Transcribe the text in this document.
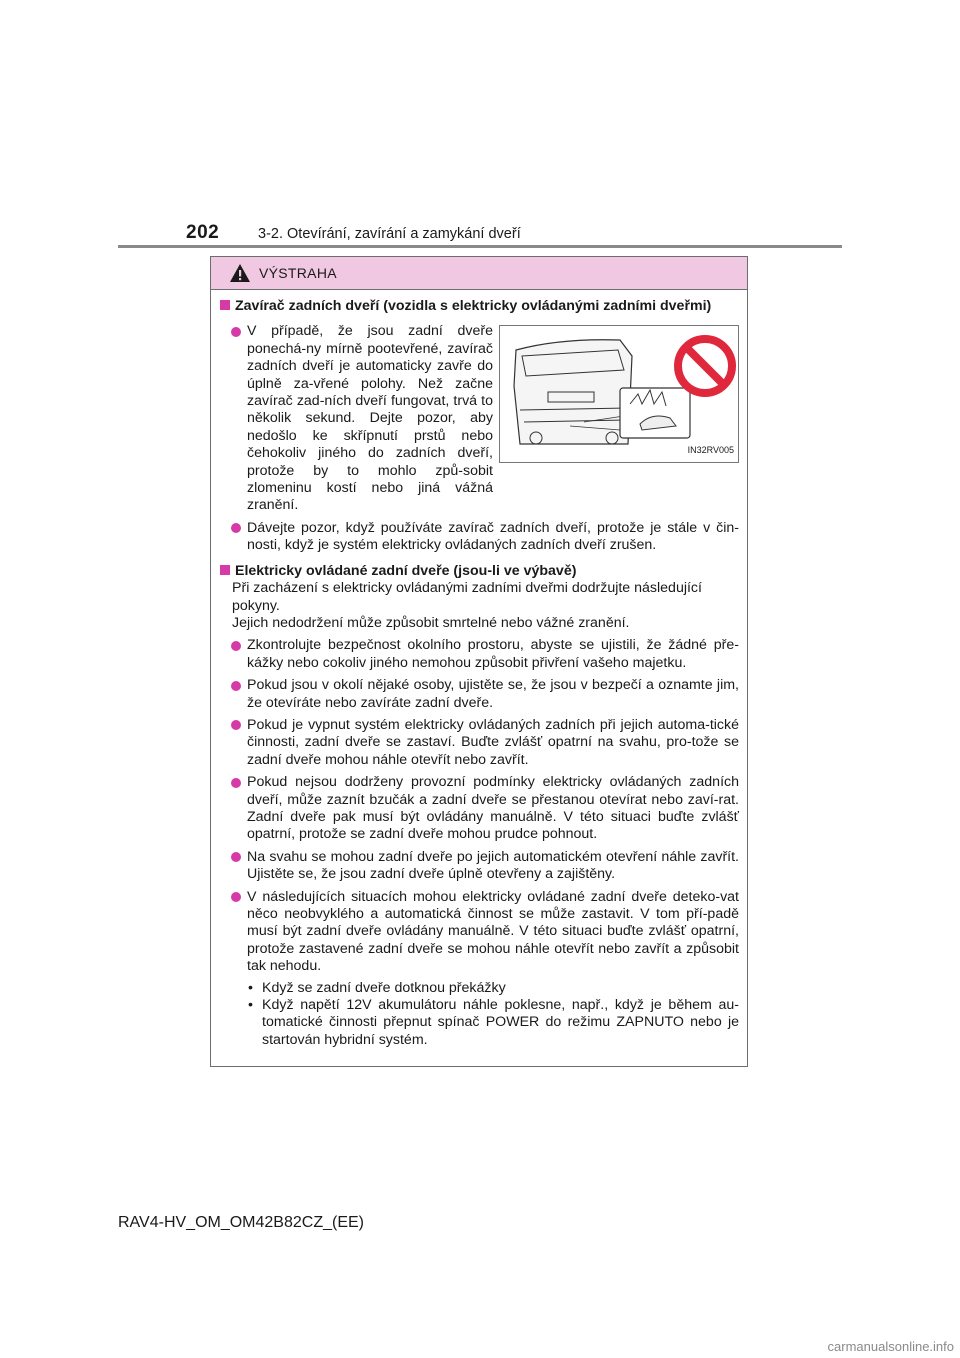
202	3-2. Otevírání, zavírání a zamykání dveří
VÝSTRAHA
Zavírač zadních dveří (vozidla s elektricky ovládanými zadními dveřmi)
V případě, že jsou zadní dveře ponechá-ny mírně pootevřené, zavírač zadních dveří je automaticky zavře do úplně za-vřené polohy. Než začne zavírač zad-ních dveří fungovat, trvá to několik sekund. Dejte pozor, aby nedošlo ke skřípnutí prstů nebo čehokoliv jiného do zadních dveří, protože by to mohlo způ-sobit zlomeninu kostí nebo jiná vážná zranění.
IN32RV005
Dávejte pozor, když používáte zavírač zadních dveří, protože je stále v čin-nosti, když je systém elektricky ovládaných zadních dveří zrušen.
Elektricky ovládané zadní dveře (jsou-li ve výbavě)
Při zacházení s elektricky ovládanými zadními dveřmi dodržujte následující pokyny.
Jejich nedodržení může způsobit smrtelné nebo vážné zranění.
Zkontrolujte bezpečnost okolního prostoru, abyste se ujistili, že žádné pře-kážky nebo cokoliv jiného nemohou způsobit přivření vašeho majetku.
Pokud jsou v okolí nějaké osoby, ujistěte se, že jsou v bezpečí a oznamte jim, že otevíráte nebo zavíráte zadní dveře.
Pokud je vypnut systém elektricky ovládaných zadních při jejich automa-tické činnosti, zadní dveře se zastaví. Buďte zvlášť opatrní na svahu, pro-tože se zadní dveře mohou náhle otevřít nebo zavřít.
Pokud nejsou dodrženy provozní podmínky elektricky ovládaných zadních dveří, může zaznít bzučák a zadní dveře se přestanou otevírat nebo zaví-rat. Zadní dveře pak musí být ovládány manuálně. V této situaci buďte zvlášť opatrní, protože se zadní dveře mohou prudce pohnout.
Na svahu se mohou zadní dveře po jejich automatickém otevření náhle zavřít. Ujistěte se, že jsou zadní dveře úplně otevřeny a zajištěny.
V následujících situacích mohou elektricky ovládané zadní dveře deteko-vat něco neobvyklého a automatická činnost se může zastavit. V tom pří-padě musí být zadní dveře ovládány manuálně. V této situaci buďte zvlášť opatrní, protože zastavené zadní dveře se mohou náhle otevřít nebo zavřít a způsobit tak nehodu.
• Když se zadní dveře dotknou překážky
• Když napětí 12V akumulátoru náhle poklesne, např., když je během au-tomatické činnosti přepnut spínač POWER do režimu ZAPNUTO nebo je startován hybridní systém.
RAV4-HV_OM_OM42B82CZ_(EE)
carmanualsonline.info
